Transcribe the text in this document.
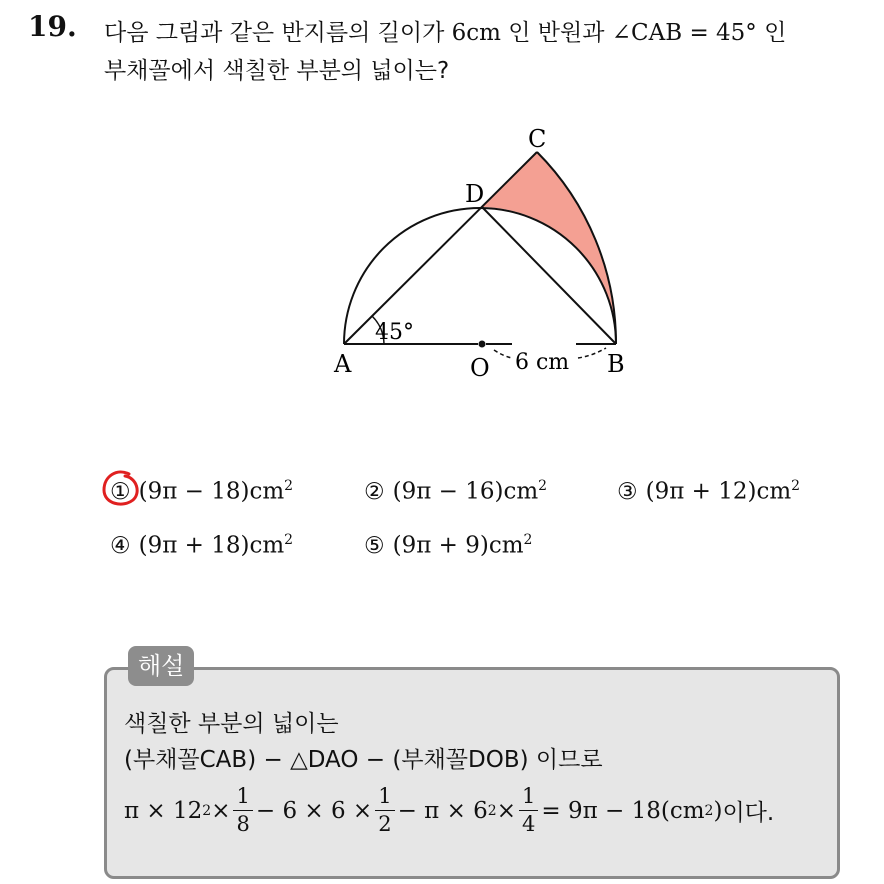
19. 다음 그림과 같은 반지름의 길이가 6cm 인 반원과 ∠CAB = 45° 인
부채꼴에서 색칠한 부분의 넓이는?
C
D
A	O	B
45°
6 cm
① $(9\pi - 18)cm^2$	② $(9\pi - 16)cm^2$	③ $(9\pi + 12)cm^2$
④ $(9\pi + 18)cm^2$	⑤ $(9\pi + 9)cm^2$
해설
색칠한 부분의 넓이는
(부채꼴CAB) − △DAO − (부채꼴DOB) 이므로
π × 12 $2 \times \frac{1}{8} - 6 \times 6 \times \frac{1}{2} - \pi \times 6$ $2 \times \frac{1}{4} = 9\pi - 18(cm$ 2 ) 이다.
